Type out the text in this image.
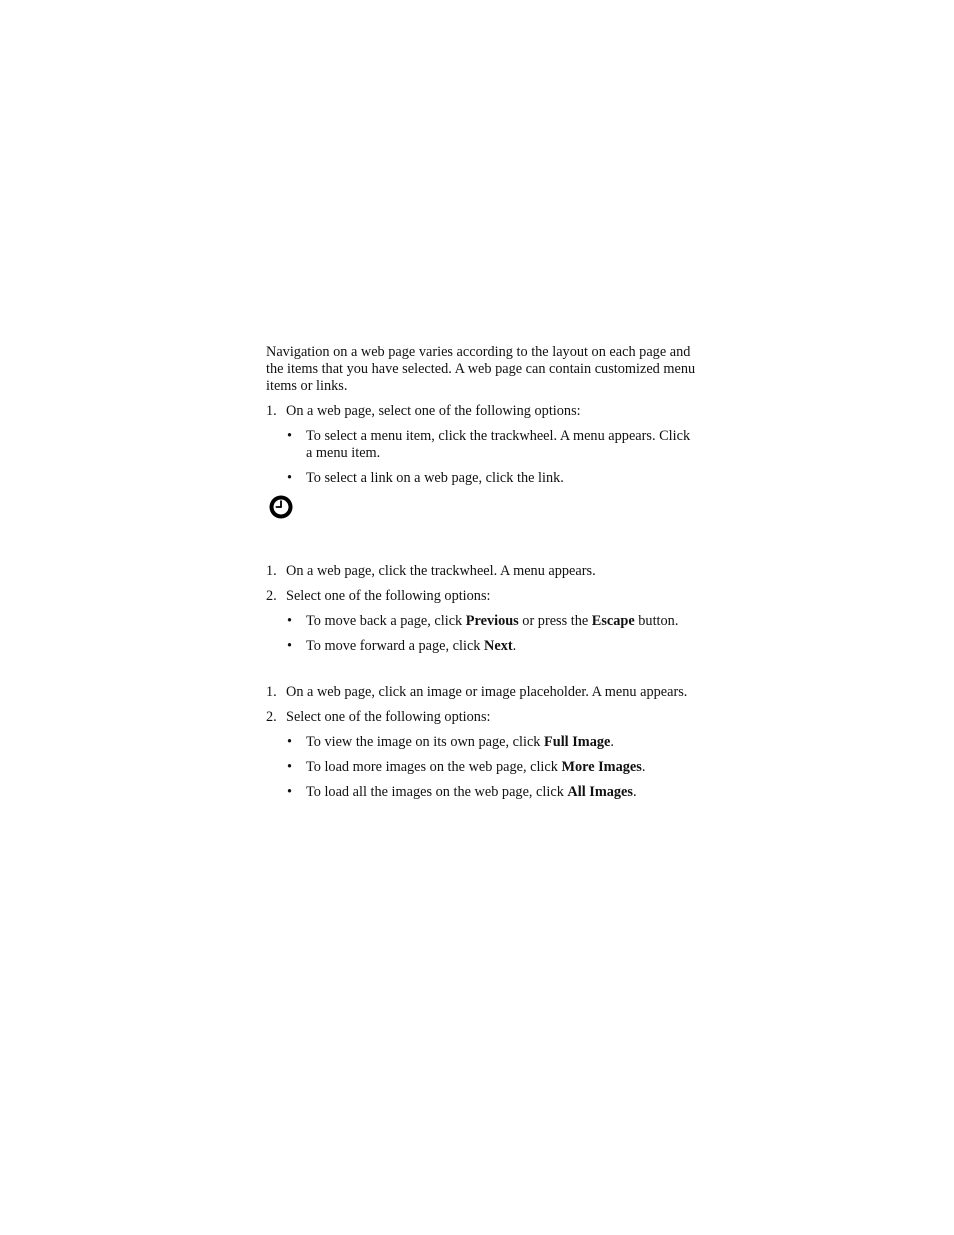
Navigation on a web page varies according to the layout on each page and the items that you have selected. A web page can contain customized menu items or links.

1. On a web page, select one of the following options:
• To select a menu item, click the trackwheel. A menu appears. Click a menu item.
• To select a link on a web page, click the link.
1. On a web page, click the trackwheel. A menu appears.
2. Select one of the following options:
• To move back a page, click Previous or press the Escape button.
• To move forward a page, click Next.
1. On a web page, click an image or image placeholder. A menu appears.
2. Select one of the following options:
• To view the image on its own page, click Full Image.
• To load more images on the web page, click More Images.
• To load all the images on the web page, click All Images.
